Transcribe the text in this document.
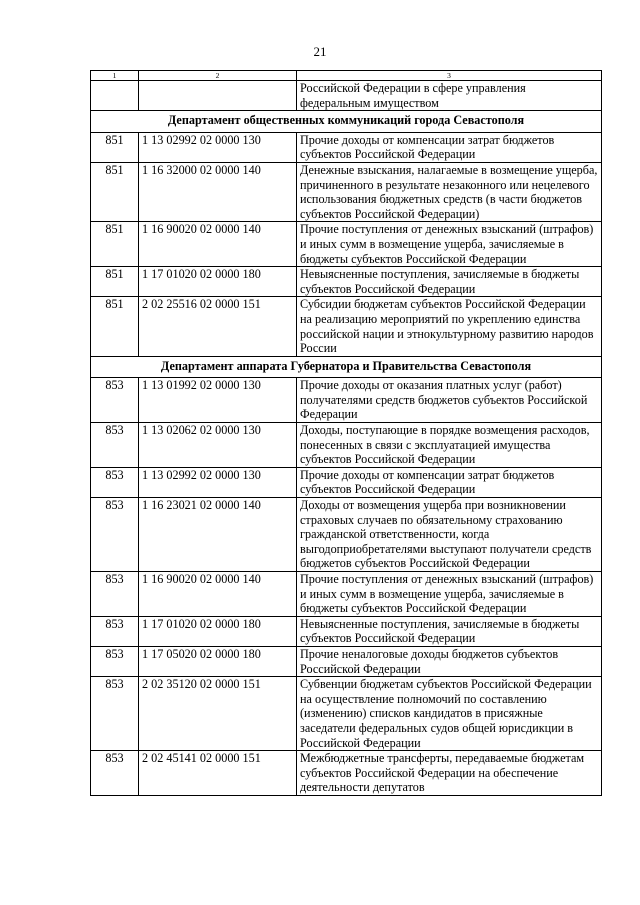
21
1	2	3
		Российской Федерации в сфере управления федеральным имуществом
Департамент общественных коммуникаций города Севастополя		
851	1 13 02992 02 0000 130	Прочие доходы от компенсации затрат бюджетов субъектов Российской Федерации
851	1 16 32000 02 0000 140	Денежные взыскания, налагаемые в возмещение ущерба, причиненного в результате незаконного или нецелевого использования бюджетных средств (в части бюджетов субъектов Российской Федерации)
851	1 16 90020 02 0000 140	Прочие поступления от денежных взысканий (штрафов) и иных сумм в возмещение ущерба, зачисляемые в бюджеты субъектов Российской Федерации
851	1 17 01020 02 0000 180	Невыясненные поступления, зачисляемые в бюджеты субъектов Российской Федерации
851	2 02 25516 02 0000 151	Субсидии бюджетам субъектов Российской Федерации на реализацию мероприятий по укреплению единства российской нации и этнокультурному развитию народов России
Департамент аппарата Губернатора и Правительства Севастополя		
853	1 13 01992 02 0000 130	Прочие доходы от оказания платных услуг (работ) получателями средств бюджетов субъектов Российской Федерации
853	1 13 02062 02 0000 130	Доходы, поступающие в порядке возмещения расходов, понесенных в связи с эксплуатацией имущества субъектов Российской Федерации
853	1 13 02992 02 0000 130	Прочие доходы от компенсации затрат бюджетов субъектов Российской Федерации
853	1 16 23021 02 0000 140	Доходы от возмещения ущерба при возникновении страховых случаев по обязательному страхованию гражданской ответственности, когда выгодоприобретателями выступают получатели средств бюджетов субъектов Российской Федерации
853	1 16 90020 02 0000 140	Прочие поступления от денежных взысканий (штрафов) и иных сумм в возмещение ущерба, зачисляемые в бюджеты субъектов Российской Федерации
853	1 17 01020 02 0000 180	Невыясненные поступления, зачисляемые в бюджеты субъектов Российской Федерации
853	1 17 05020 02 0000 180	Прочие неналоговые доходы бюджетов субъектов Российской Федерации
853	2 02 35120 02 0000 151	Субвенции бюджетам субъектов Российской Федерации на осуществление полномочий по составлению (изменению) списков кандидатов в присяжные заседатели федеральных судов общей юрисдикции в Российской Федерации
853	2 02 45141 02 0000 151	Межбюджетные трансферты, передаваемые бюджетам субъектов Российской Федерации на обеспечение деятельности депутатов
